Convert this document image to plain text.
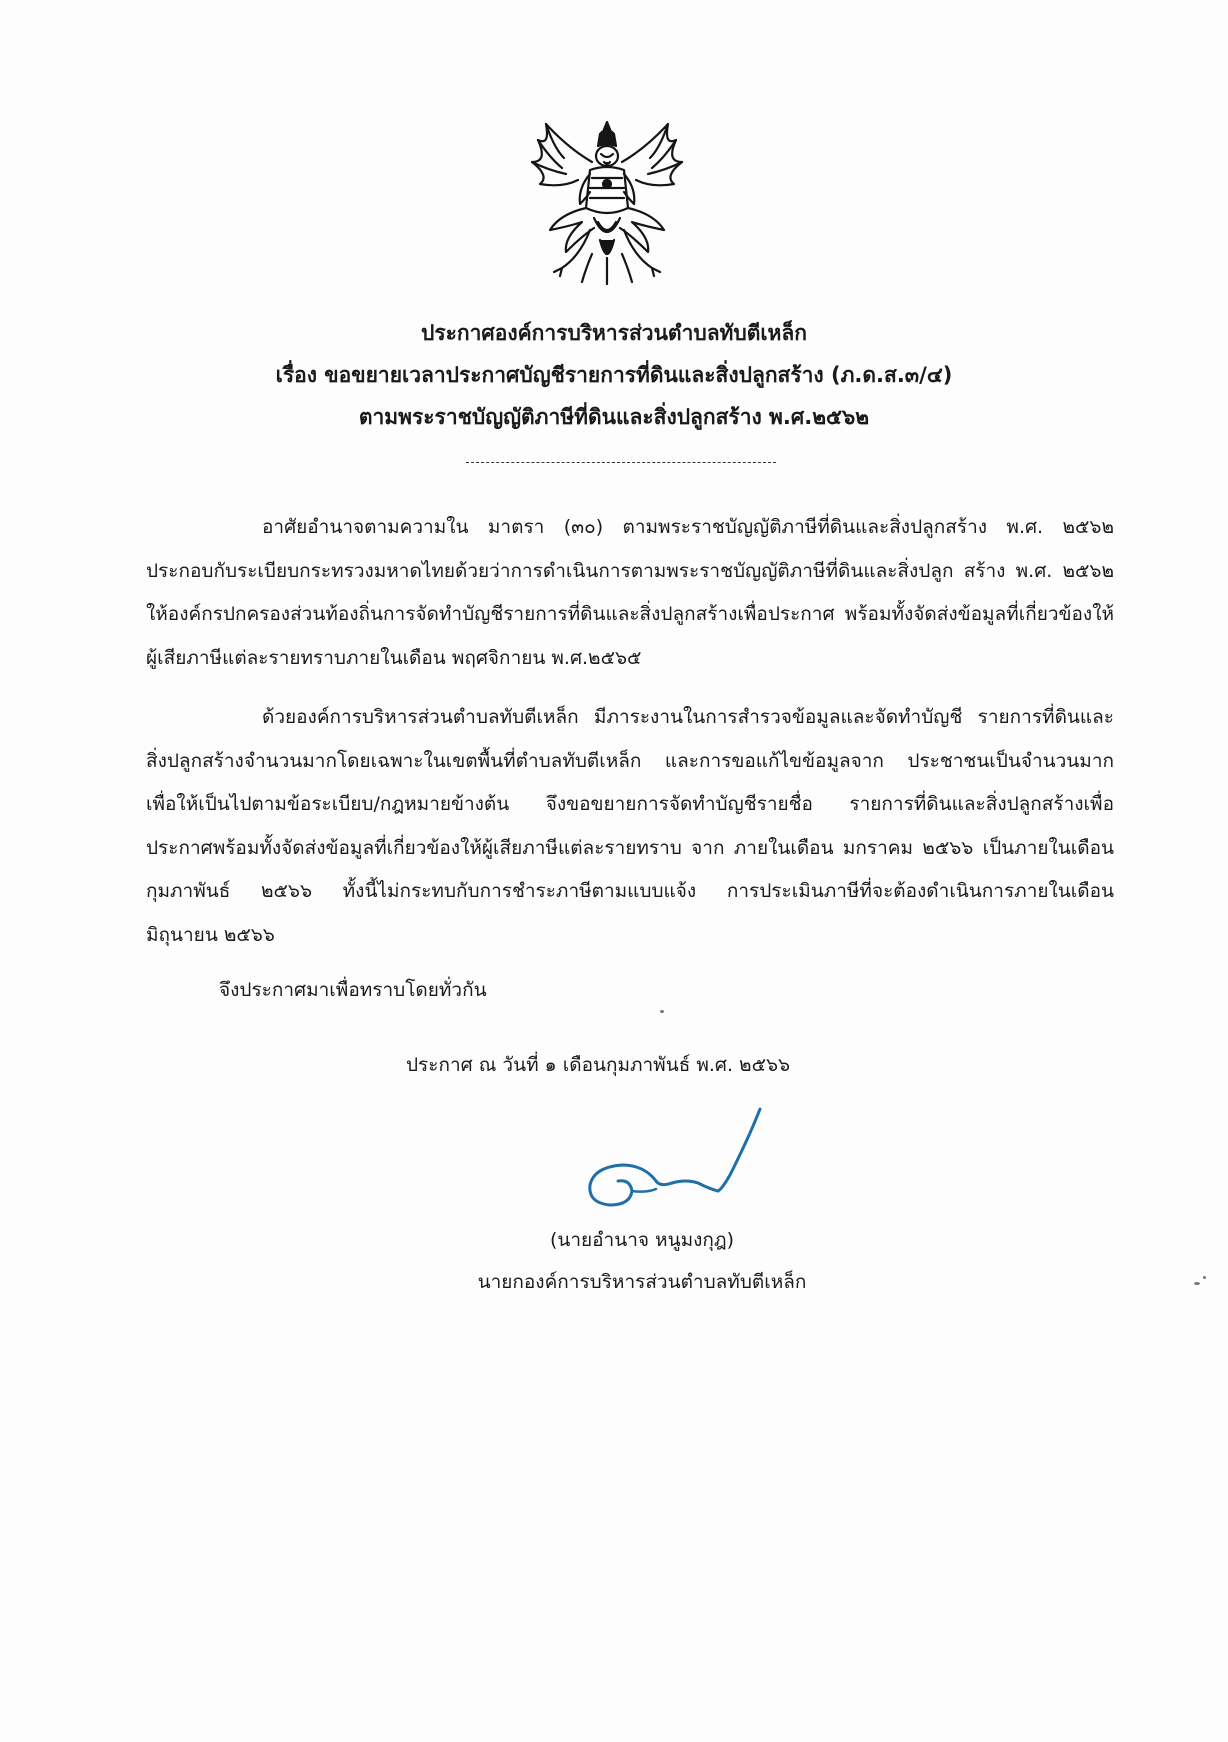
ประกาศองค์การบริหารส่วนตำบลทับตีเหล็ก
เรื่อง ขอขยายเวลาประกาศบัญชีรายการที่ดินและสิ่งปลูกสร้าง (ภ.ด.ส.๓/๔)
ตามพระราชบัญญัติภาษีที่ดินและสิ่งปลูกสร้าง พ.ศ.๒๕๖๒
อาศัยอำนาจตามความใน มาตรา (๓๐) ตามพระราชบัญญัติภาษีที่ดินและสิ่งปลูกสร้าง พ.ศ. ๒๕๖๒ ประกอบกับระเบียบกระทรวงมหาดไทยด้วยว่าการดำเนินการตามพระราชบัญญัติภาษีที่ดินและสิ่งปลูก สร้าง พ.ศ. ๒๕๖๒ ให้องค์กรปกครองส่วนท้องถิ่นการจัดทำบัญชีรายการที่ดินและสิ่งปลูกสร้างเพื่อประกาศ พร้อมทั้งจัดส่งข้อมูลที่เกี่ยวข้องให้ผู้เสียภาษีแต่ละรายทราบภายในเดือน พฤศจิกายน พ.ศ.๒๕๖๕
ด้วยองค์การบริหารส่วนตำบลทับตีเหล็ก มีภาระงานในการสำรวจข้อมูลและจัดทำบัญชี รายการที่ดินและสิ่งปลูกสร้างจำนวนมากโดยเฉพาะในเขตพื้นที่ตำบลทับตีเหล็ก และการขอแก้ไขข้อมูลจาก ประชาชนเป็นจำนวนมาก เพื่อให้เป็นไปตามข้อระเบียบ/กฎหมายข้างต้น จึงขอขยายการจัดทำบัญชีรายชื่อ รายการที่ดินและสิ่งปลูกสร้างเพื่อประกาศพร้อมทั้งจัดส่งข้อมูลที่เกี่ยวข้องให้ผู้เสียภาษีแต่ละรายทราบ จาก ภายในเดือน มกราคม ๒๕๖๖ เป็นภายในเดือน กุมภาพันธ์ ๒๕๖๖ ทั้งนี้ไม่กระทบกับการชำระภาษีตามแบบแจ้ง การประเมินภาษีที่จะต้องดำเนินการภายในเดือน มิถุนายน ๒๕๖๖
จึงประกาศมาเพื่อทราบโดยทั่วกัน
ประกาศ ณ วันที่ ๑ เดือนกุมภาพันธ์ พ.ศ. ๒๕๖๖
(นายอำนาจ หนูมงกุฎ)
นายกองค์การบริหารส่วนตำบลทับตีเหล็ก
